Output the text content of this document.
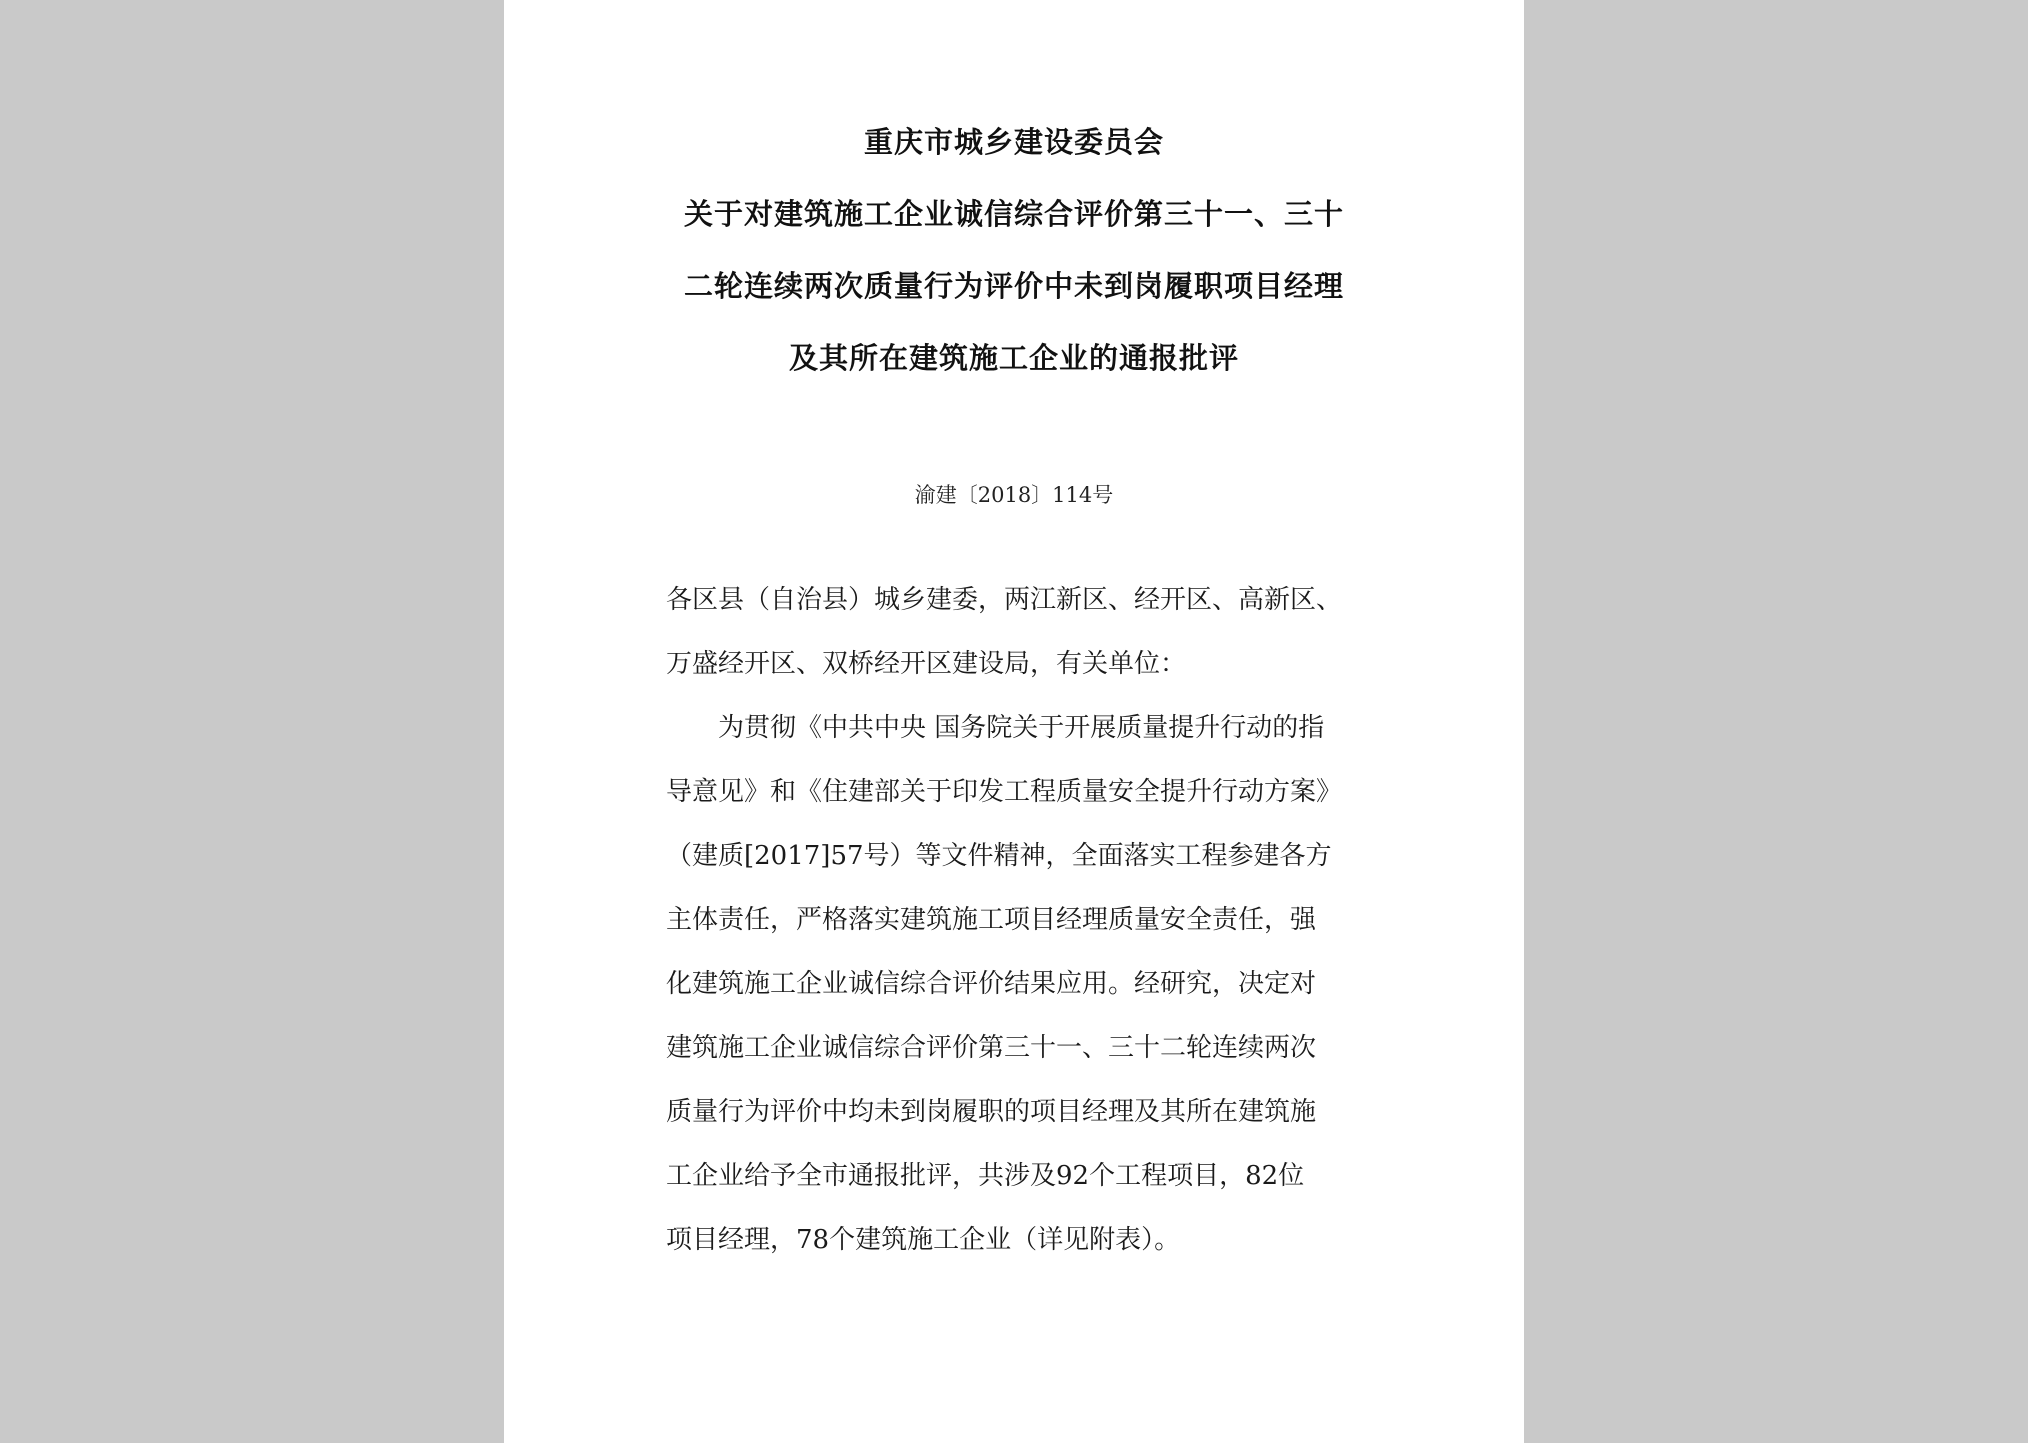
重庆市城乡建设委员会
关于对建筑施工企业诚信综合评价第三十一、三十
二轮连续两次质量行为评价中未到岗履职项目经理
及其所在建筑施工企业的通报批评
渝建〔2018〕114号
各区县（自治县）城乡建委，两江新区、经开区、高新区、
万盛经开区、双桥经开区建设局，有关单位：
为贯彻《中共中央 国务院关于开展质量提升行动的指
导意见》和《住建部关于印发工程质量安全提升行动方案》
（建质[2017]57号）等文件精神，全面落实工程参建各方
主体责任，严格落实建筑施工项目经理质量安全责任，强
化建筑施工企业诚信综合评价结果应用。经研究，决定对
建筑施工企业诚信综合评价第三十一、三十二轮连续两次
质量行为评价中均未到岗履职的项目经理及其所在建筑施
工企业给予全市通报批评，共涉及92个工程项目，82位
项目经理，78个建筑施工企业（详见附表）。
